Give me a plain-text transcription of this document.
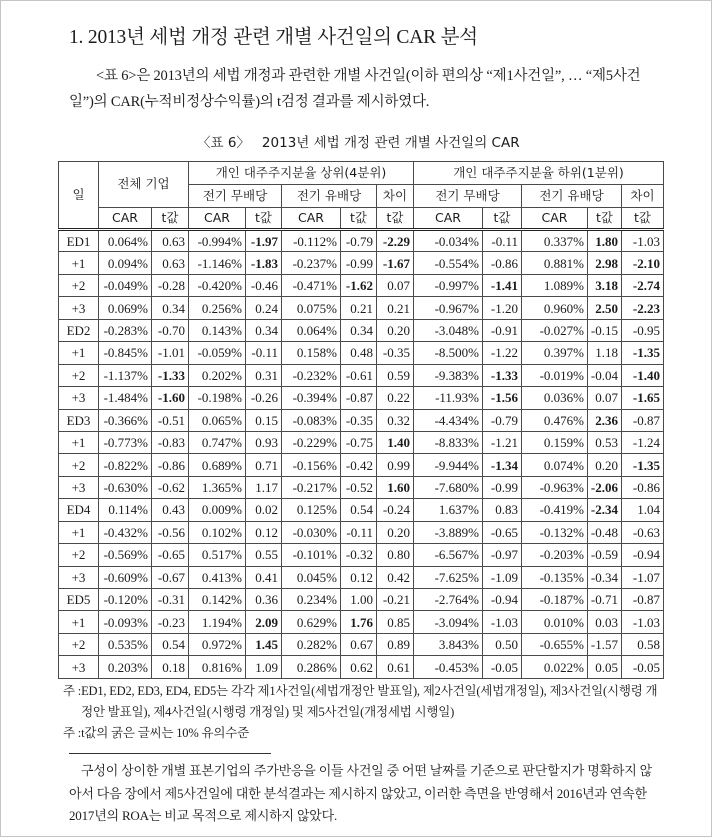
1. 2013년 세법 개정 관련 개별 사건일의 CAR 분석

<표 6>은 2013년의 세법 개정과 관련한 개별 사건일(이하 편의상 “제1사건일”, … “제5사건일”)의 CAR(누적비정상수익률)의 t검정 결과를 제시하였다.

〈표 6〉 2013년 세법 개정 관련 개별 사건일의 CAR
일	전체 기업		개인 대주주지분율 상위(4분위)					개인 대주주지분율 하위(1분위)				
			전기 무배당		전기 유배당		차이	전기 무배당		전기 유배당		차이
	CAR	t값	CAR	t값	CAR	t값	t값	CAR	t값	CAR	t값	t값
ED1	0.064%	0.63	-0.994%	-1.97	-0.112%	-0.79	-2.29	-0.034%	-0.11	0.337%	1.80	-1.03
+1	0.094%	0.63	-1.146%	-1.83	-0.237%	-0.99	-1.67	-0.554%	-0.86	0.881%	2.98	-2.10
+2	-0.049%	-0.28	-0.420%	-0.46	-0.471%	-1.62	0.07	-0.997%	-1.41	1.089%	3.18	-2.74
+3	0.069%	0.34	0.256%	0.24	0.075%	0.21	0.21	-0.967%	-1.20	0.960%	2.50	-2.23
ED2	-0.283%	-0.70	0.143%	0.34	0.064%	0.34	0.20	-3.048%	-0.91	-0.027%	-0.15	-0.95
+1	-0.845%	-1.01	-0.059%	-0.11	0.158%	0.48	-0.35	-8.500%	-1.22	0.397%	1.18	-1.35
+2	-1.137%	-1.33	0.202%	0.31	-0.232%	-0.61	0.59	-9.383%	-1.33	-0.019%	-0.04	-1.40
+3	-1.484%	-1.60	-0.198%	-0.26	-0.394%	-0.87	0.22	-11.93%	-1.56	0.036%	0.07	-1.65
ED3	-0.366%	-0.51	0.065%	0.15	-0.083%	-0.35	0.32	-4.434%	-0.79	0.476%	2.36	-0.87
+1	-0.773%	-0.83	0.747%	0.93	-0.229%	-0.75	1.40	-8.833%	-1.21	0.159%	0.53	-1.24
+2	-0.822%	-0.86	0.689%	0.71	-0.156%	-0.42	0.99	-9.944%	-1.34	0.074%	0.20	-1.35
+3	-0.630%	-0.62	1.365%	1.17	-0.217%	-0.52	1.60	-7.680%	-0.99	-0.963%	-2.06	-0.86
ED4	0.114%	0.43	0.009%	0.02	0.125%	0.54	-0.24	1.637%	0.83	-0.419%	-2.34	1.04
+1	-0.432%	-0.56	0.102%	0.12	-0.030%	-0.11	0.20	-3.889%	-0.65	-0.132%	-0.48	-0.63
+2	-0.569%	-0.65	0.517%	0.55	-0.101%	-0.32	0.80	-6.567%	-0.97	-0.203%	-0.59	-0.94
+3	-0.609%	-0.67	0.413%	0.41	0.045%	0.12	0.42	-7.625%	-1.09	-0.135%	-0.34	-1.07
ED5	-0.120%	-0.31	0.142%	0.36	0.234%	1.00	-0.21	-2.764%	-0.94	-0.187%	-0.71	-0.87
+1	-0.093%	-0.23	1.194%	2.09	0.629%	1.76	0.85	-3.094%	-1.03	0.010%	0.03	-1.03
+2	0.535%	0.54	0.972%	1.45	0.282%	0.67	0.89	3.843%	0.50	-0.655%	-1.57	0.58
+3	0.203%	0.18	0.816%	1.09	0.286%	0.62	0.61	-0.453%	-0.05	0.022%	0.05	-0.05
주 : ED1, ED2, ED3, ED4, ED5는 각각 제1사건일(세법개정안 발표일), 제2사건일(세법개정일), 제3사건일(시행령 개정안 발표일), 제4사건일(시행령 개정일) 및 제5사건일(개정세법 시행일)
주 : t값의 굵은 글씨는 10% 유의수준

구성이 상이한 개별 표본기업의 주가반응을 이들 사건일 중 어떤 날짜를 기준으로 판단할지가 명확하지 않아서 다음 장에서 제5사건일에 대한 분석결과는 제시하지 않았고, 이러한 측면을 반영해서 2016년과 연속한 2017년의 ROA는 비교 목적으로 제시하지 않았다.
